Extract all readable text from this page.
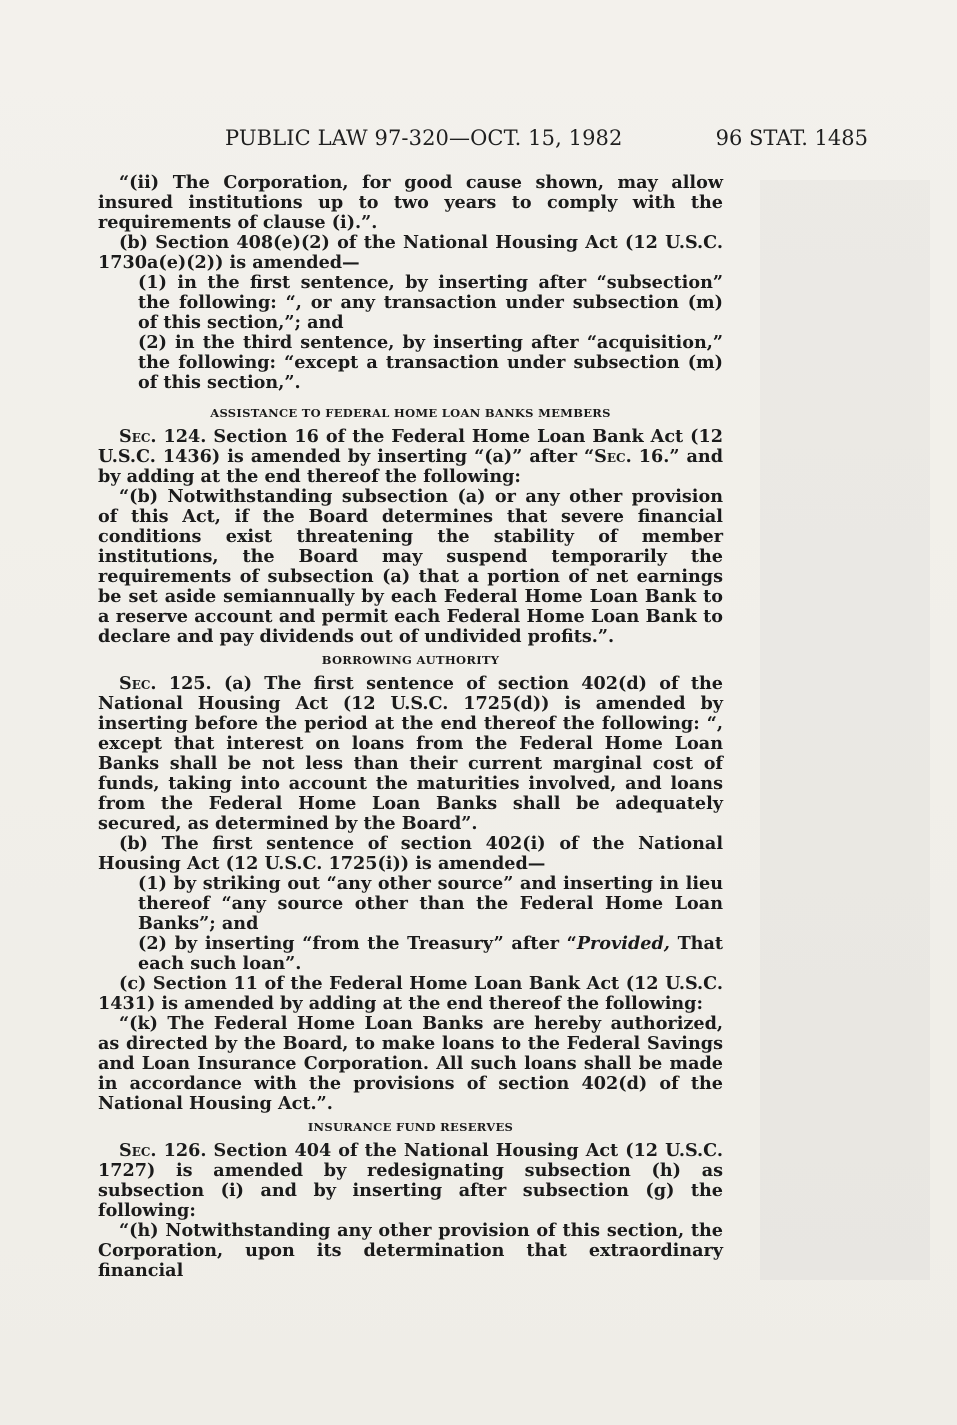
PUBLIC LAW 97-320—OCT. 15, 1982	96 STAT. 1485

“(ii) The Corporation, for good cause shown, may allow insured institutions up to two years to comply with the requirements of clause (i).”.

(b) Section 408(e)(2) of the National Housing Act (12 U.S.C. 1730a(e)(2)) is amended—

(1) in the first sentence, by inserting after “subsection” the following: “, or any transaction under subsection (m) of this section,”; and

(2) in the third sentence, by inserting after “acquisition,” the following: “except a transaction under subsection (m) of this section,”.

ASSISTANCE TO FEDERAL HOME LOAN BANKS MEMBERS

Sec. 124. Section 16 of the Federal Home Loan Bank Act (12 U.S.C. 1436) is amended by inserting “(a)” after “Sec. 16.” and by adding at the end thereof the following:

“(b) Notwithstanding subsection (a) or any other provision of this Act, if the Board determines that severe financial conditions exist threatening the stability of member institutions, the Board may suspend temporarily the requirements of subsection (a) that a portion of net earnings be set aside semiannually by each Federal Home Loan Bank to a reserve account and permit each Federal Home Loan Bank to declare and pay dividends out of undivided profits.”.

BORROWING AUTHORITY

Sec. 125. (a) The first sentence of section 402(d) of the National Housing Act (12 U.S.C. 1725(d)) is amended by inserting before the period at the end thereof the following: “, except that interest on loans from the Federal Home Loan Banks shall be not less than their current marginal cost of funds, taking into account the maturities involved, and loans from the Federal Home Loan Banks shall be adequately secured, as determined by the Board”.

(b) The first sentence of section 402(i) of the National Housing Act (12 U.S.C. 1725(i)) is amended—

(1) by striking out “any other source” and inserting in lieu thereof “any source other than the Federal Home Loan Banks”; and

(2) by inserting “from the Treasury” after “Provided, That each such loan”.

(c) Section 11 of the Federal Home Loan Bank Act (12 U.S.C. 1431) is amended by adding at the end thereof the following:

“(k) The Federal Home Loan Banks are hereby authorized, as directed by the Board, to make loans to the Federal Savings and Loan Insurance Corporation. All such loans shall be made in accordance with the provisions of section 402(d) of the National Housing Act.”.

INSURANCE FUND RESERVES

Sec. 126. Section 404 of the National Housing Act (12 U.S.C. 1727) is amended by redesignating subsection (h) as subsection (i) and by inserting after subsection (g) the following:

“(h) Notwithstanding any other provision of this section, the Corporation, upon its determination that extraordinary financial
